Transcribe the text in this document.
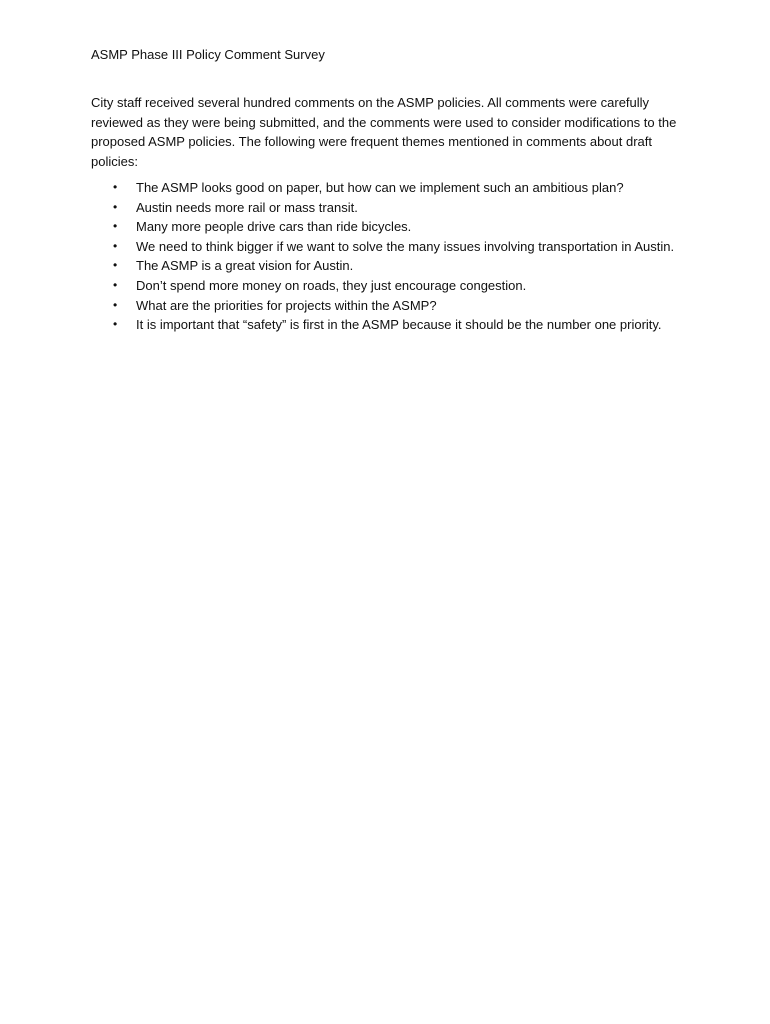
ASMP Phase III Policy Comment Survey

City staff received several hundred comments on the ASMP policies. All comments were carefully reviewed as they were being submitted, and the comments were used to consider modifications to the proposed ASMP policies. The following were frequent themes mentioned in comments about draft policies:

• The ASMP looks good on paper, but how can we implement such an ambitious plan?
• Austin needs more rail or mass transit.
• Many more people drive cars than ride bicycles.
• We need to think bigger if we want to solve the many issues involving transportation in Austin.
• The ASMP is a great vision for Austin.
• Don’t spend more money on roads, they just encourage congestion.
• What are the priorities for projects within the ASMP?
• It is important that “safety” is first in the ASMP because it should be the number one priority.
